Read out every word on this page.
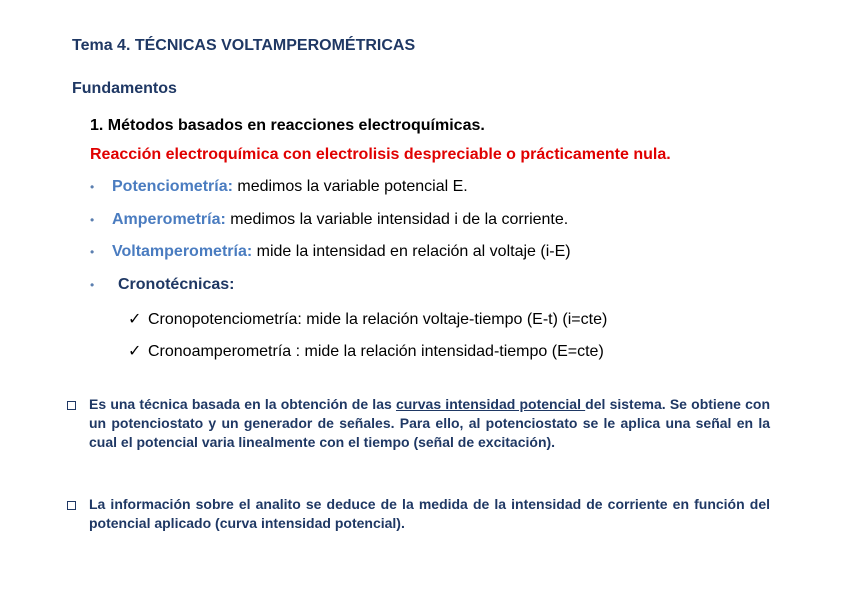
Tema 4. TÉCNICAS VOLTAMPEROMÉTRICAS
Fundamentos
1. Métodos basados en reacciones electroquímicas.
Reacción electroquímica con electrolisis despreciable o prácticamente nula.
• Potenciometría: medimos la variable potencial E.
• Amperometría: medimos la variable intensidad i de la corriente.
• Voltamperometría: mide la intensidad en relación al voltaje (i-E)
• Cronotécnicas:
✓ Cronopotenciometría: mide la relación voltaje-tiempo (E-t) (i=cte)
✓ Cronoamperometría : mide la relación intensidad-tiempo (E=cte)
Es una técnica basada en la obtención de las curvas intensidad potencial del sistema. Se obtiene con un potenciostato y un generador de señales. Para ello, al potenciostato se le aplica una señal en la cual el potencial varia linealmente con el tiempo (señal de excitación).
La información sobre el analito se deduce de la medida de la intensidad de corriente en función del potencial aplicado (curva intensidad potencial).
